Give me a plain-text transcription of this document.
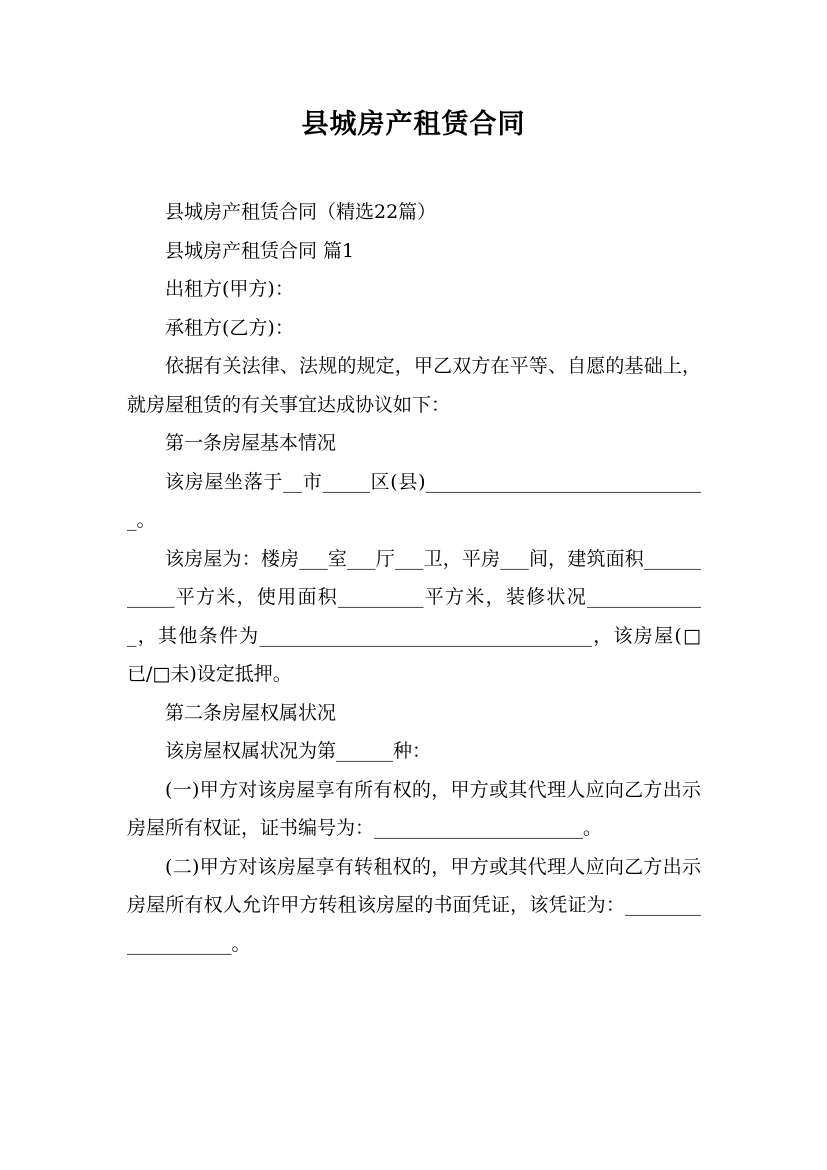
县城房产租赁合同

县城房产租赁合同（精选22篇）

县城房产租赁合同 篇1

出租方(甲方)：

承租方(乙方)：

依据有关法律、法规的规定，甲乙双方在平等、自愿的基础上，就房屋租赁的有关事宜达成协议如下：

第一条房屋基本情况

该房屋坐落于__市_____区(县)______________________________。

该房屋为：楼房___室___厅___卫，平房___间，建筑面积___________平方米，使用面积_________平方米，装修状况_____________，其他条件为___________________________________，该房屋(□已/□未)设定抵押。

第二条房屋权属状况

该房屋权属状况为第______种：

(一)甲方对该房屋享有所有权的，甲方或其代理人应向乙方出示房屋所有权证，证书编号为：______________________。

(二)甲方对该房屋享有转租权的，甲方或其代理人应向乙方出示房屋所有权人允许甲方转租该房屋的书面凭证，该凭证为：___________________。
